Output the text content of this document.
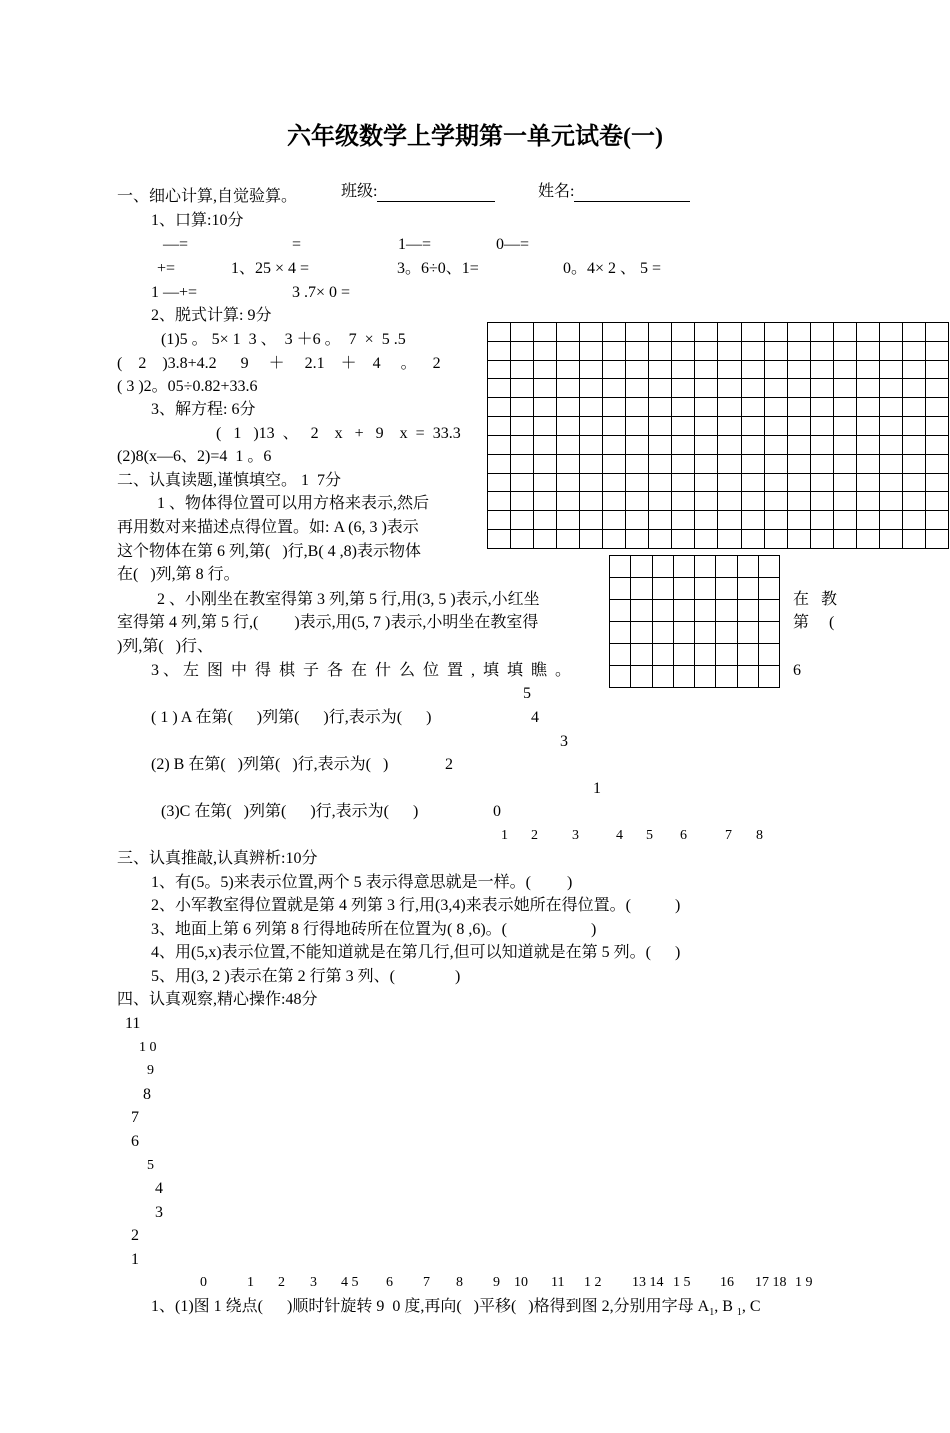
六年级数学上学期第一单元试卷(一)

班级:	姓名:

一、细心计算,自觉验算。
1、口算:10分
—=	=	1—=	0—=
+=	1、25 × 4 =	3。6÷0、1=	0。4× 2 、 5 =
1 —+=	3 .7× 0 =
2、脱式计算: 9分
(1)5 。 5× 1  3 、  3 ＋6 。  7  ×  5 .5
(    2    )3.8+4.2      9     ＋     2.1    ＋    4     。    2
( 3 )2。05÷0.82+33.6
3、解方程: 6分
(   1   )13  、   2    x   +   9    x  =  33.3
(2)8(x—6、2)=4  1 。6

二、认真读题,谨慎填空。 1  7分
1 、物体得位置可以用方格来表示,然后
再用数对来描述点得位置。如: A (6, 3 )表示
这个物体在第 6 列,第(   )行,B( 4 ,8)表示物体
在(   )列,第 8 行。

2 、小刚坐在教室得第 3 列,第 5 行,用(3, 5 )表示,小红坐
室得第 4 列,第 5 行,(         )表示,用(5, 7 )表示,小明坐在教室得
)列,第(   )行、
在   教
第     (
3 、 左  图  中  得  棋  子  各  在  什  么  位  置  ,  填  填  瞧  。	6
5
4
3
2
1
0
( 1 ) A 在第(      )列第(      )行,表示为(      )
(2) B 在第(   )列第(   )行,表示为(   )
(3)C 在第(   )列第(      )行,表示为(      )
1 2 3	4 5 6	7 8
三、认真推敲,认真辨析:10分
1、有(5。5)来表示位置,两个 5 表示得意思就是一样。(         )
2、小军教室得位置就是第 4 列第 3 行,用(3,4)来表示她所在得位置。(           )
3、地面上第 6 列第 8 行得地砖所在位置为( 8 ,6)。(                     )
4、用(5,x)表示位置,不能知道就是在第几行,但可以知道就是在第 5 列。(      )
5、用(3, 2 )表示在第 2 行第 3 列、(               )
四、认真观察,精心操作:48分
11
1 0
9
8
7
6
5
4
3
2
1
0	1 2 3 4 5 6 7 8 9 10 11 1 2 13 14 1 5 16 17 18 1 9
1、(1)图 1 绕点(      )顺时针旋转 9  0 度,再向(   )平移(   )格得到图 2,分别用字母 $A_1$, B $_1$, C
